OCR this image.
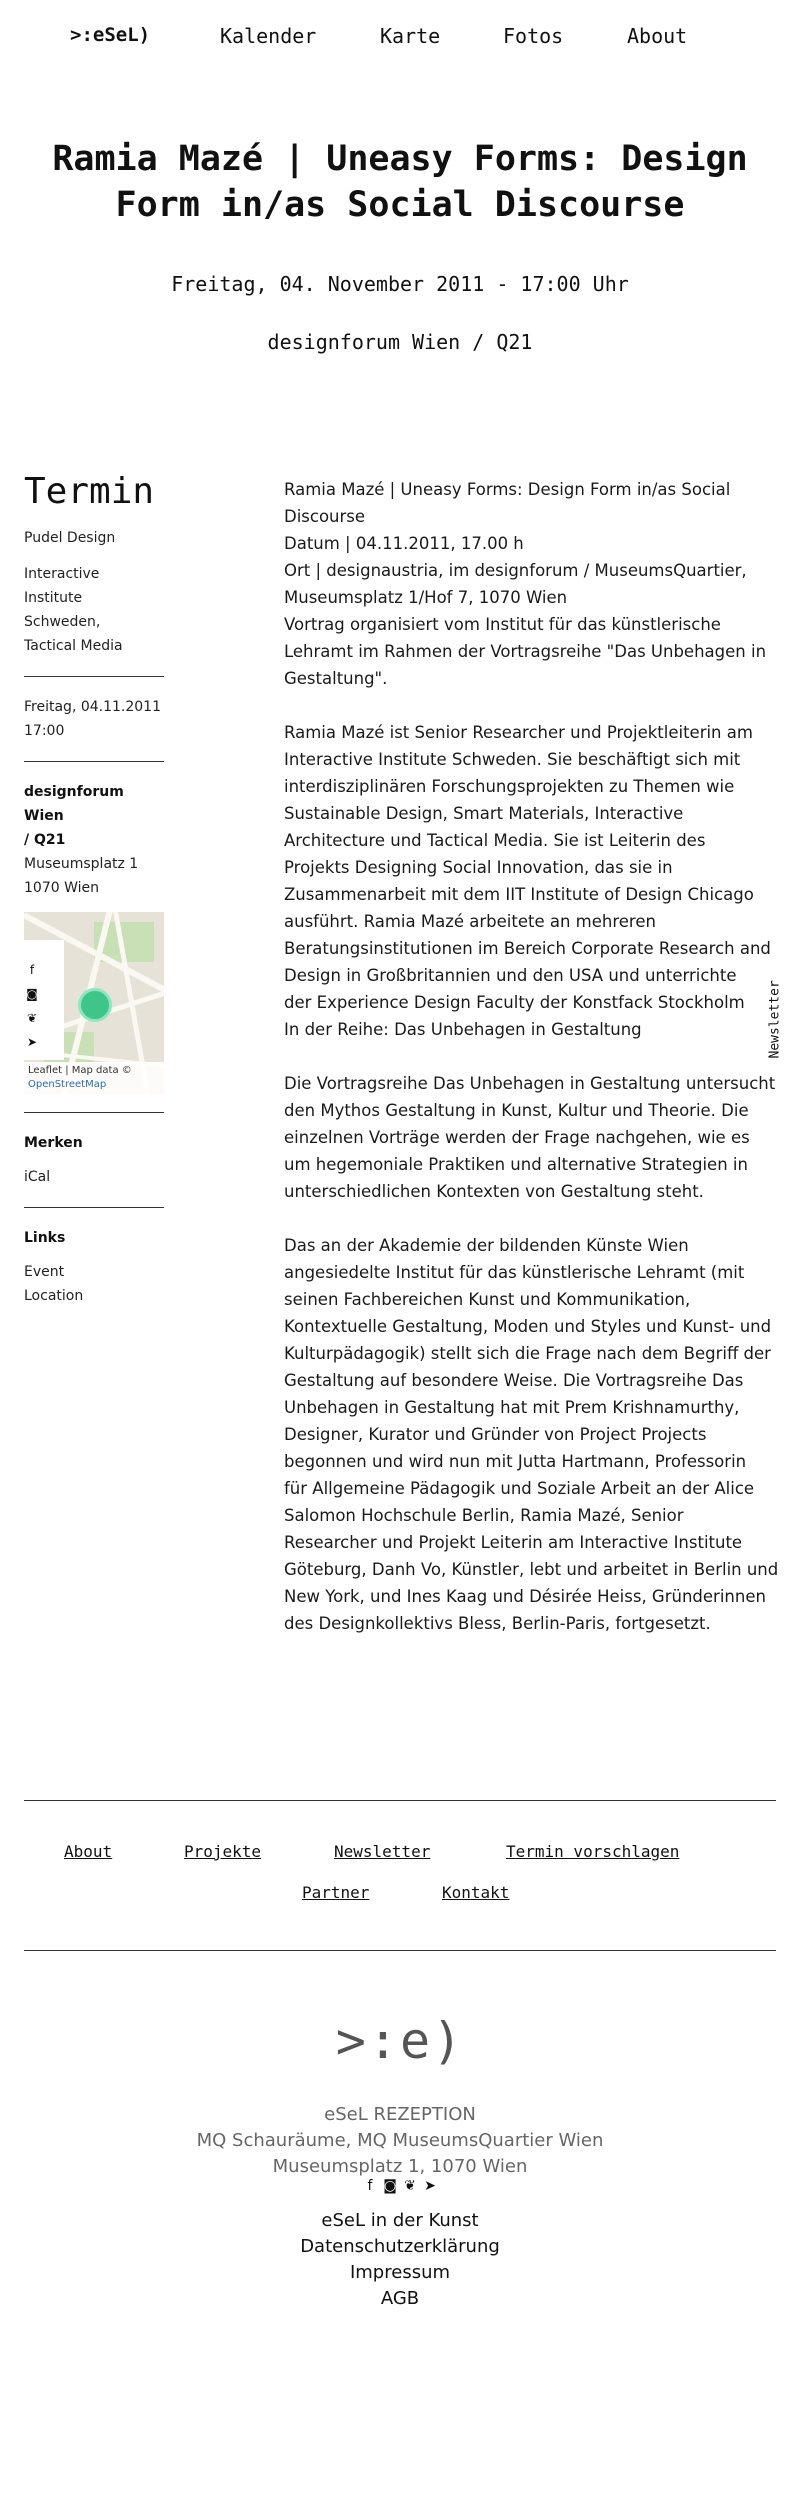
>:eSeL)	Kalender	Karte	Fotos	About
Ramia Mazé | Uneasy Forms: Design
Form in/as Social Discourse
Freitag, 04. November 2011 - 17:00 Uhr
designforum Wien / Q21
Termin
Pudel Design
Interactive
Institute
Schweden,
Tactical Media
Freitag, 04.11.2011
17:00
designforum Wien
/ Q21
Museumsplatz 1
1070 Wien
f
◙
❦
➤
Leaflet | Map data ©
OpenStreetMap
Merken
iCal
Links
Event
Location

Ramia Mazé | Uneasy Forms: Design Form in/as Social
Discourse
Datum | 04.11.2011, 17.00 h
Ort | designaustria, im designforum / MuseumsQuartier,
Museumsplatz 1/Hof 7, 1070 Wien
Vortrag organisiert vom Institut für das künstlerische
Lehramt im Rahmen der Vortragsreihe "Das Unbehagen in
Gestaltung".

Ramia Mazé ist Senior Researcher und Projektleiterin am
Interactive Institute Schweden. Sie beschäftigt sich mit
interdisziplinären Forschungsprojekten zu Themen wie
Sustainable Design, Smart Materials, Interactive
Architecture und Tactical Media. Sie ist Leiterin des
Projekts Designing Social Innovation, das sie in
Zusammenarbeit mit dem IIT Institute of Design Chicago
ausführt. Ramia Mazé arbeitete an mehreren
Beratungsinstitutionen im Bereich Corporate Research and
Design in Großbritannien und den USA und unterrichte
der Experience Design Faculty der Konstfack Stockholm
In der Reihe: Das Unbehagen in Gestaltung

Die Vortragsreihe Das Unbehagen in Gestaltung untersucht
den Mythos Gestaltung in Kunst, Kultur und Theorie. Die
einzelnen Vorträge werden der Frage nachgehen, wie es
um hegemoniale Praktiken und alternative Strategien in
unterschiedlichen Kontexten von Gestaltung steht.

Das an der Akademie der bildenden Künste Wien
angesiedelte Institut für das künstlerische Lehramt (mit
seinen Fachbereichen Kunst und Kommunikation,
Kontextuelle Gestaltung, Moden und Styles und Kunst- und
Kulturpädagogik) stellt sich die Frage nach dem Begriff der
Gestaltung auf besondere Weise. Die Vortragsreihe Das
Unbehagen in Gestaltung hat mit Prem Krishnamurthy,
Designer, Kurator und Gründer von Project Projects
begonnen und wird nun mit Jutta Hartmann, Professorin
für Allgemeine Pädagogik und Soziale Arbeit an der Alice
Salomon Hochschule Berlin, Ramia Mazé, Senior
Researcher und Projekt Leiterin am Interactive Institute
Göteburg, Danh Vo, Künstler, lebt und arbeitet in Berlin und
New York, und Ines Kaag und Désirée Heiss, Gründerinnen
des Designkollektivs Bless, Berlin-Paris, fortgesetzt.

Newsletter
About	Projekte	Newsletter	Termin vorschlagen
Partner	Kontakt
>:e)
eSeL REZEPTION
MQ Schauräume, MQ MuseumsQuartier Wien
Museumsplatz 1, 1070 Wien
f ◙ ❦ ➤
eSeL in der Kunst
Datenschutzerklärung
Impressum
AGB
